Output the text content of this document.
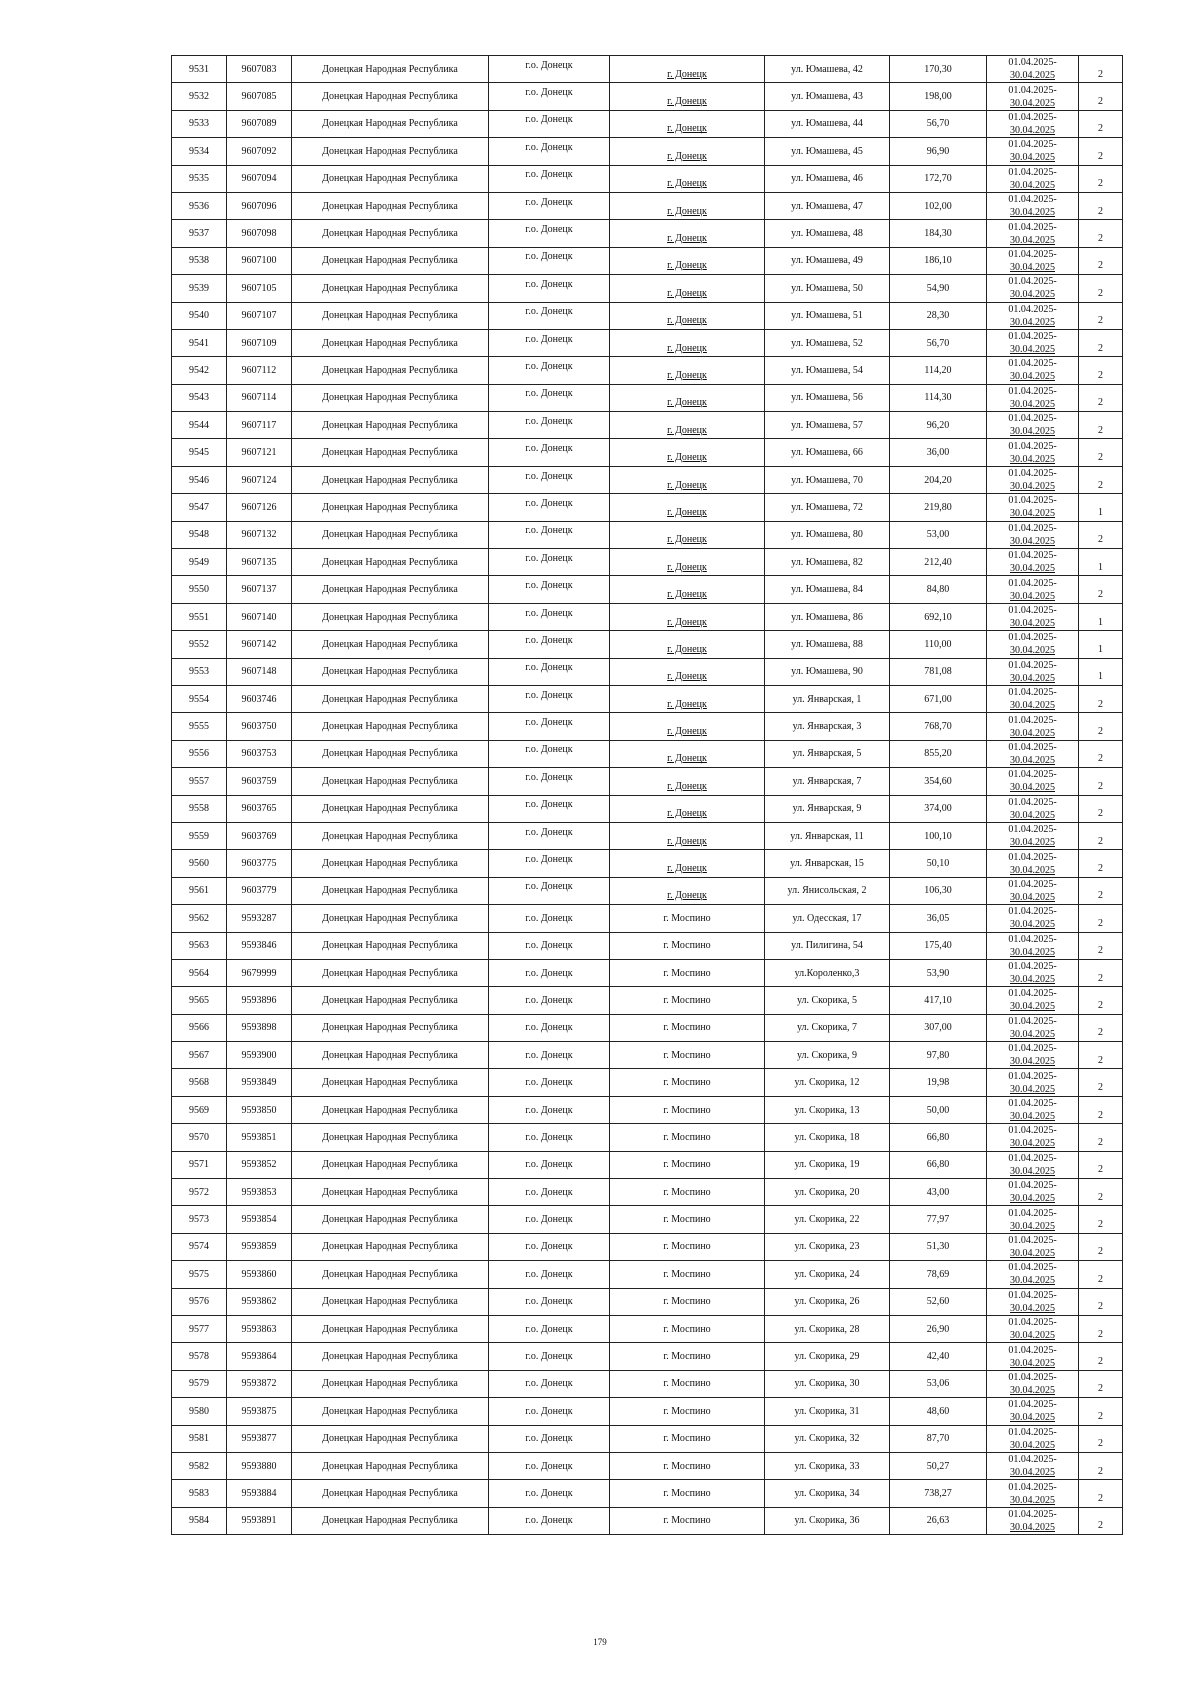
9531	9607083	Донецкая Народная Республика	г.о. Донецк	г. Донецк	ул. Юмашева, 42	170,30	01.04.2025-
30.04.2025	2

9532	9607085	Донецкая Народная Республика	г.о. Донецк	г. Донецк	ул. Юмашева, 43	198,00	01.04.2025-
30.04.2025	2

9533	9607089	Донецкая Народная Республика	г.о. Донецк	г. Донецк	ул. Юмашева, 44	56,70	01.04.2025-
30.04.2025	2

9534	9607092	Донецкая Народная Республика	г.о. Донецк	г. Донецк	ул. Юмашева, 45	96,90	01.04.2025-
30.04.2025	2

9535	9607094	Донецкая Народная Республика	г.о. Донецк	г. Донецк	ул. Юмашева, 46	172,70	01.04.2025-
30.04.2025	2

9536	9607096	Донецкая Народная Республика	г.о. Донецк	г. Донецк	ул. Юмашева, 47	102,00	01.04.2025-
30.04.2025	2

9537	9607098	Донецкая Народная Республика	г.о. Донецк	г. Донецк	ул. Юмашева, 48	184,30	01.04.2025-
30.04.2025	2

9538	9607100	Донецкая Народная Республика	г.о. Донецк	г. Донецк	ул. Юмашева, 49	186,10	01.04.2025-
30.04.2025	2

9539	9607105	Донецкая Народная Республика	г.о. Донецк	г. Донецк	ул. Юмашева, 50	54,90	01.04.2025-
30.04.2025	2

9540	9607107	Донецкая Народная Республика	г.о. Донецк	г. Донецк	ул. Юмашева, 51	28,30	01.04.2025-
30.04.2025	2

9541	9607109	Донецкая Народная Республика	г.о. Донецк	г. Донецк	ул. Юмашева, 52	56,70	01.04.2025-
30.04.2025	2

9542	9607112	Донецкая Народная Республика	г.о. Донецк	г. Донецк	ул. Юмашева, 54	114,20	01.04.2025-
30.04.2025	2

9543	9607114	Донецкая Народная Республика	г.о. Донецк	г. Донецк	ул. Юмашева, 56	114,30	01.04.2025-
30.04.2025	2

9544	9607117	Донецкая Народная Республика	г.о. Донецк	г. Донецк	ул. Юмашева, 57	96,20	01.04.2025-
30.04.2025	2

9545	9607121	Донецкая Народная Республика	г.о. Донецк	г. Донецк	ул. Юмашева, 66	36,00	01.04.2025-
30.04.2025	2

9546	9607124	Донецкая Народная Республика	г.о. Донецк	г. Донецк	ул. Юмашева, 70	204,20	01.04.2025-
30.04.2025	2

9547	9607126	Донецкая Народная Республика	г.о. Донецк	г. Донецк	ул. Юмашева, 72	219,80	01.04.2025-
30.04.2025	1

9548	9607132	Донецкая Народная Республика	г.о. Донецк	г. Донецк	ул. Юмашева, 80	53,00	01.04.2025-
30.04.2025	2

9549	9607135	Донецкая Народная Республика	г.о. Донецк	г. Донецк	ул. Юмашева, 82	212,40	01.04.2025-
30.04.2025	1

9550	9607137	Донецкая Народная Республика	г.о. Донецк	г. Донецк	ул. Юмашева, 84	84,80	01.04.2025-
30.04.2025	2

9551	9607140	Донецкая Народная Республика	г.о. Донецк	г. Донецк	ул. Юмашева, 86	692,10	01.04.2025-
30.04.2025	1

9552	9607142	Донецкая Народная Республика	г.о. Донецк	г. Донецк	ул. Юмашева, 88	110,00	01.04.2025-
30.04.2025	1

9553	9607148	Донецкая Народная Республика	г.о. Донецк	г. Донецк	ул. Юмашева, 90	781,08	01.04.2025-
30.04.2025	1

9554	9603746	Донецкая Народная Республика	г.о. Донецк	г. Донецк	ул. Январская, 1	671,00	01.04.2025-
30.04.2025	2

9555	9603750	Донецкая Народная Республика	г.о. Донецк	г. Донецк	ул. Январская, 3	768,70	01.04.2025-
30.04.2025	2

9556	9603753	Донецкая Народная Республика	г.о. Донецк	г. Донецк	ул. Январская, 5	855,20	01.04.2025-
30.04.2025	2

9557	9603759	Донецкая Народная Республика	г.о. Донецк	г. Донецк	ул. Январская, 7	354,60	01.04.2025-
30.04.2025	2

9558	9603765	Донецкая Народная Республика	г.о. Донецк	г. Донецк	ул. Январская, 9	374,00	01.04.2025-
30.04.2025	2

9559	9603769	Донецкая Народная Республика	г.о. Донецк	г. Донецк	ул. Январская, 11	100,10	01.04.2025-
30.04.2025	2

9560	9603775	Донецкая Народная Республика	г.о. Донецк	г. Донецк	ул. Январская, 15	50,10	01.04.2025-
30.04.2025	2

9561	9603779	Донецкая Народная Республика	г.о. Донецк	г. Донецк	ул. Янисольская, 2	106,30	01.04.2025-
30.04.2025	2

9562	9593287	Донецкая Народная Республика	г.о. Донецк	г. Моспино	ул. Одесская, 17	36,05	01.04.2025-
30.04.2025	2

9563	9593846	Донецкая Народная Республика	г.о. Донецк	г. Моспино	ул. Пилигина, 54	175,40	01.04.2025-
30.04.2025	2

9564	9679999	Донецкая Народная Республика	г.о. Донецк	г. Моспино	ул.Короленко,3	53,90	01.04.2025-
30.04.2025	2

9565	9593896	Донецкая Народная Республика	г.о. Донецк	г. Моспино	ул. Скорика, 5	417,10	01.04.2025-
30.04.2025	2

9566	9593898	Донецкая Народная Республика	г.о. Донецк	г. Моспино	ул. Скорика, 7	307,00	01.04.2025-
30.04.2025	2

9567	9593900	Донецкая Народная Республика	г.о. Донецк	г. Моспино	ул. Скорика, 9	97,80	01.04.2025-
30.04.2025	2

9568	9593849	Донецкая Народная Республика	г.о. Донецк	г. Моспино	ул. Скорика, 12	19,98	01.04.2025-
30.04.2025	2

9569	9593850	Донецкая Народная Республика	г.о. Донецк	г. Моспино	ул. Скорика, 13	50,00	01.04.2025-
30.04.2025	2

9570	9593851	Донецкая Народная Республика	г.о. Донецк	г. Моспино	ул. Скорика, 18	66,80	01.04.2025-
30.04.2025	2

9571	9593852	Донецкая Народная Республика	г.о. Донецк	г. Моспино	ул. Скорика, 19	66,80	01.04.2025-
30.04.2025	2

9572	9593853	Донецкая Народная Республика	г.о. Донецк	г. Моспино	ул. Скорика, 20	43,00	01.04.2025-
30.04.2025	2

9573	9593854	Донецкая Народная Республика	г.о. Донецк	г. Моспино	ул. Скорика, 22	77,97	01.04.2025-
30.04.2025	2

9574	9593859	Донецкая Народная Республика	г.о. Донецк	г. Моспино	ул. Скорика, 23	51,30	01.04.2025-
30.04.2025	2

9575	9593860	Донецкая Народная Республика	г.о. Донецк	г. Моспино	ул. Скорика, 24	78,69	01.04.2025-
30.04.2025	2

9576	9593862	Донецкая Народная Республика	г.о. Донецк	г. Моспино	ул. Скорика, 26	52,60	01.04.2025-
30.04.2025	2

9577	9593863	Донецкая Народная Республика	г.о. Донецк	г. Моспино	ул. Скорика, 28	26,90	01.04.2025-
30.04.2025	2

9578	9593864	Донецкая Народная Республика	г.о. Донецк	г. Моспино	ул. Скорика, 29	42,40	01.04.2025-
30.04.2025	2

9579	9593872	Донецкая Народная Республика	г.о. Донецк	г. Моспино	ул. Скорика, 30	53,06	01.04.2025-
30.04.2025	2

9580	9593875	Донецкая Народная Республика	г.о. Донецк	г. Моспино	ул. Скорика, 31	48,60	01.04.2025-
30.04.2025	2

9581	9593877	Донецкая Народная Республика	г.о. Донецк	г. Моспино	ул. Скорика, 32	87,70	01.04.2025-
30.04.2025	2

9582	9593880	Донецкая Народная Республика	г.о. Донецк	г. Моспино	ул. Скорика, 33	50,27	01.04.2025-
30.04.2025	2

9583	9593884	Донецкая Народная Республика	г.о. Донецк	г. Моспино	ул. Скорика, 34	738,27	01.04.2025-
30.04.2025	2

9584	9593891	Донецкая Народная Республика	г.о. Донецк	г. Моспино	ул. Скорика, 36	26,63	01.04.2025-
30.04.2025	2
179
